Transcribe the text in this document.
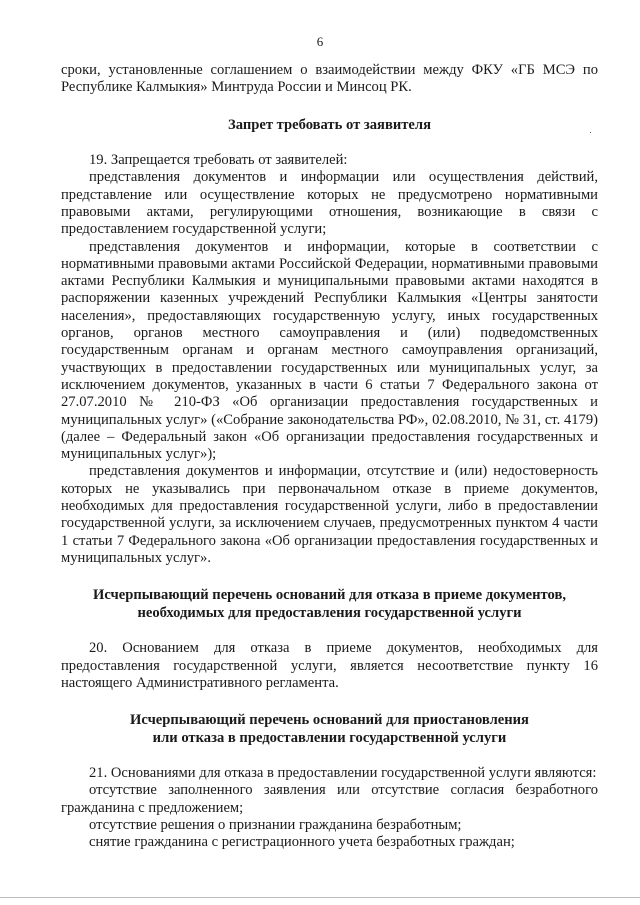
6

сроки, установленные соглашением о взаимодействии между ФКУ «ГБ МСЭ по Республике Калмыкия» Минтруда России и Минсоц РК.

Запрет требовать от заявителя

19. Запрещается требовать от заявителей:

представления документов и информации или осуществления действий, представление или осуществление которых не предусмотрено нормативными правовыми актами, регулирующими отношения, возникающие в связи с предоставлением государственной услуги;

представления документов и информации, которые в соответствии с нормативными правовыми актами Российской Федерации, нормативными правовыми актами Республики Калмыкия и муниципальными правовыми актами находятся в распоряжении казенных учреждений Республики Калмыкия «Центры занятости населения», предоставляющих государственную услугу, иных государственных органов, органов местного самоуправления и (или) подведомственных государственным органам и органам местного самоуправления организаций, участвующих в предоставлении государственных или муниципальных услуг, за исключением документов, указанных в части 6 статьи 7 Федерального закона от 27.07.2010 № 210-ФЗ «Об организации предоставления государственных и муниципальных услуг» («Собрание законодательства РФ», 02.08.2010, № 31, ст. 4179) (далее – Федеральный закон «Об организации предоставления государственных и муниципальных услуг»);

представления документов и информации, отсутствие и (или) недостоверность которых не указывались при первоначальном отказе в приеме документов, необходимых для предоставления государственной услуги, либо в предоставлении государственной услуги, за исключением случаев, предусмотренных пунктом 4 части 1 статьи 7 Федерального закона «Об организации предоставления государственных и муниципальных услуг».

Исчерпывающий перечень оснований для отказа в приеме документов,

необходимых для предоставления государственной услуги

20. Основанием для отказа в приеме документов, необходимых для предоставления государственной услуги, является несоответствие пункту 16 настоящего Административного регламента.

Исчерпывающий перечень оснований для приостановления

или отказа в предоставлении государственной услуги

21. Основаниями для отказа в предоставлении государственной услуги являются:

отсутствие заполненного заявления или отсутствие согласия безработного гражданина с предложением;

отсутствие решения о признании гражданина безработным;

снятие гражданина с регистрационного учета безработных граждан;
